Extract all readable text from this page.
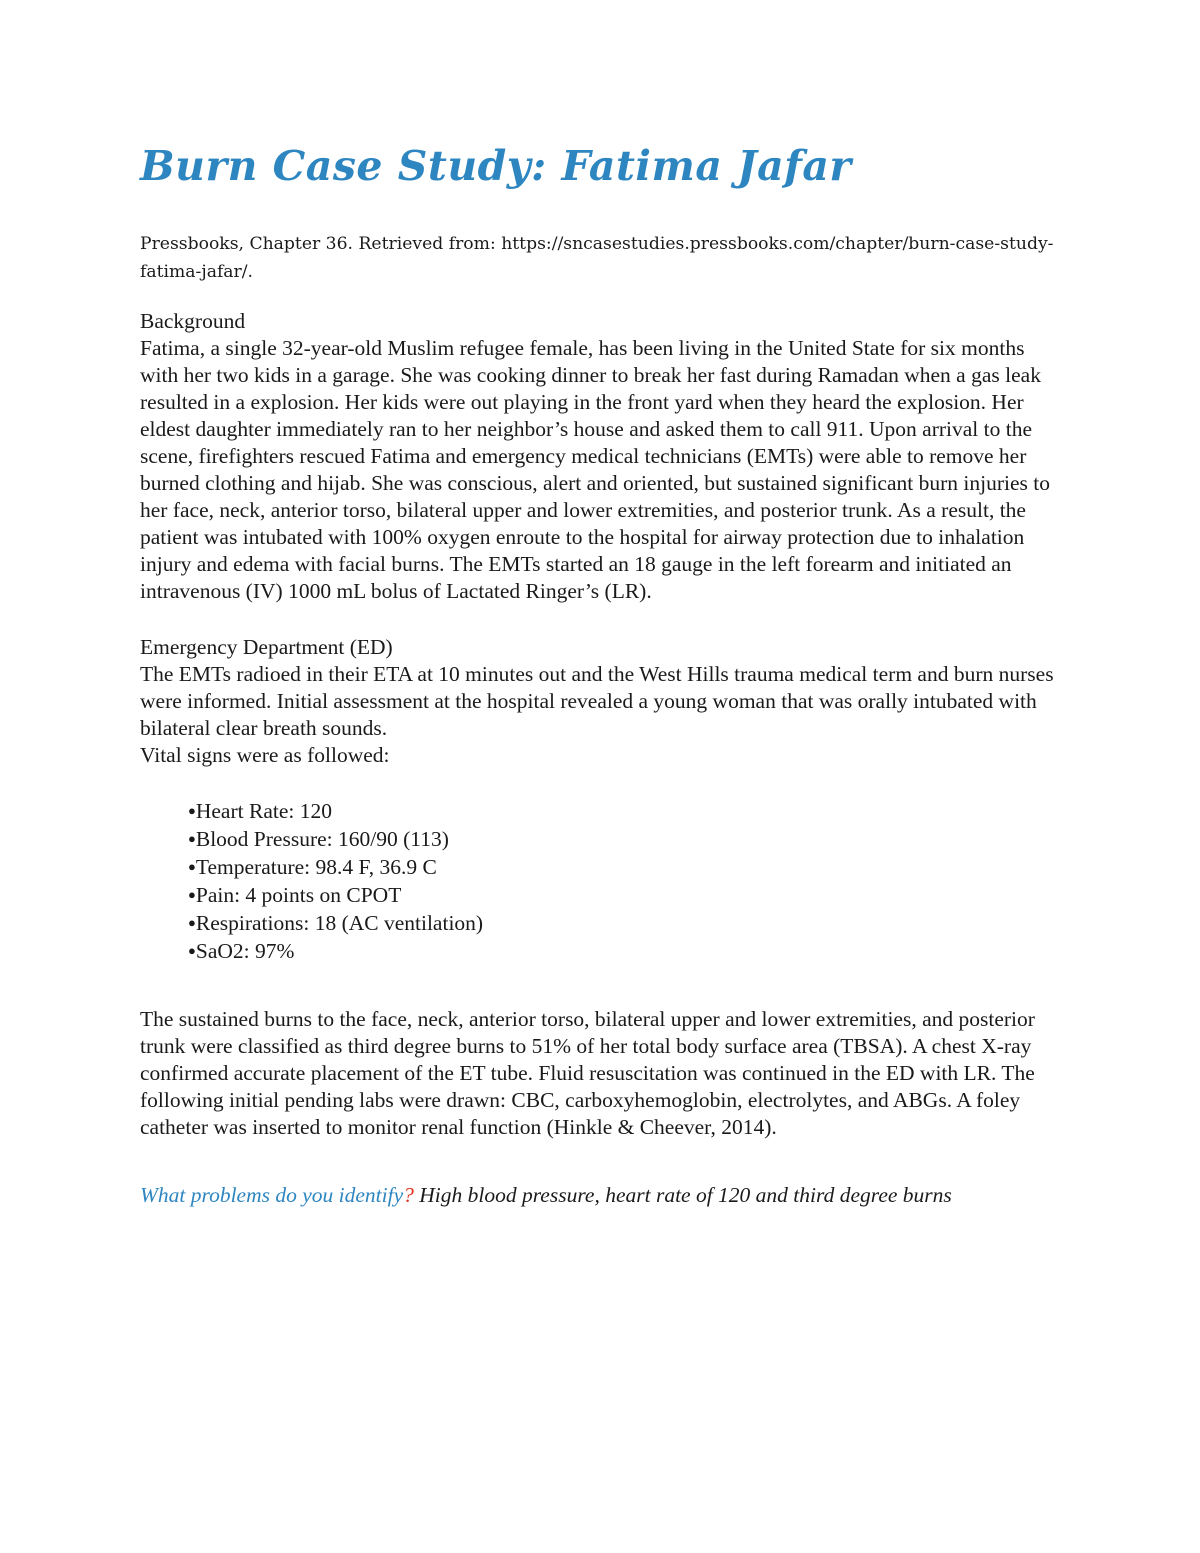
Burn Case Study: Fatima Jafar
Pressbooks, Chapter 36. Retrieved from: https://sncasestudies.pressbooks.com/chapter/burn-case-study-
fatima-jafar/.

Background

Fatima, a single 32-year-old Muslim refugee female, has been living in the United State for six months with her two kids in a garage. She was cooking dinner to break her fast during Ramadan when a gas leak resulted in a explosion. Her kids were out playing in the front yard when they heard the explosion. Her eldest daughter immediately ran to her neighbor’s house and asked them to call 911. Upon arrival to the scene, firefighters rescued Fatima and emergency medical technicians (EMTs) were able to remove her burned clothing and hijab. She was conscious, alert and oriented, but sustained significant burn injuries to her face, neck, anterior torso, bilateral upper and lower extremities, and posterior trunk. As a result, the patient was intubated with 100% oxygen enroute to the hospital for airway protection due to inhalation injury and edema with facial burns. The EMTs started an 18 gauge in the left forearm and initiated an intravenous (IV) 1000 mL bolus of Lactated Ringer’s (LR).

Emergency Department (ED)

The EMTs radioed in their ETA at 10 minutes out and the West Hills trauma medical term and burn nurses were informed. Initial assessment at the hospital revealed a young woman that was orally intubated with bilateral clear breath sounds.

Vital signs were as followed:

●Heart Rate: 120
●Blood Pressure: 160/90 (113)
●Temperature: 98.4 F, 36.9 C
●Pain: 4 points on CPOT
●Respirations: 18 (AC ventilation)
●SaO2: 97%

The sustained burns to the face, neck, anterior torso, bilateral upper and lower extremities, and posterior trunk were classified as third degree burns to 51% of her total body surface area (TBSA). A chest X-ray confirmed accurate placement of the ET tube. Fluid resuscitation was continued in the ED with LR. The following initial pending labs were drawn: CBC, carboxyhemoglobin, electrolytes, and ABGs. A foley catheter was inserted to monitor renal function (Hinkle & Cheever, 2014).

What problems do you identify? High blood pressure, heart rate of 120 and third degree burns
